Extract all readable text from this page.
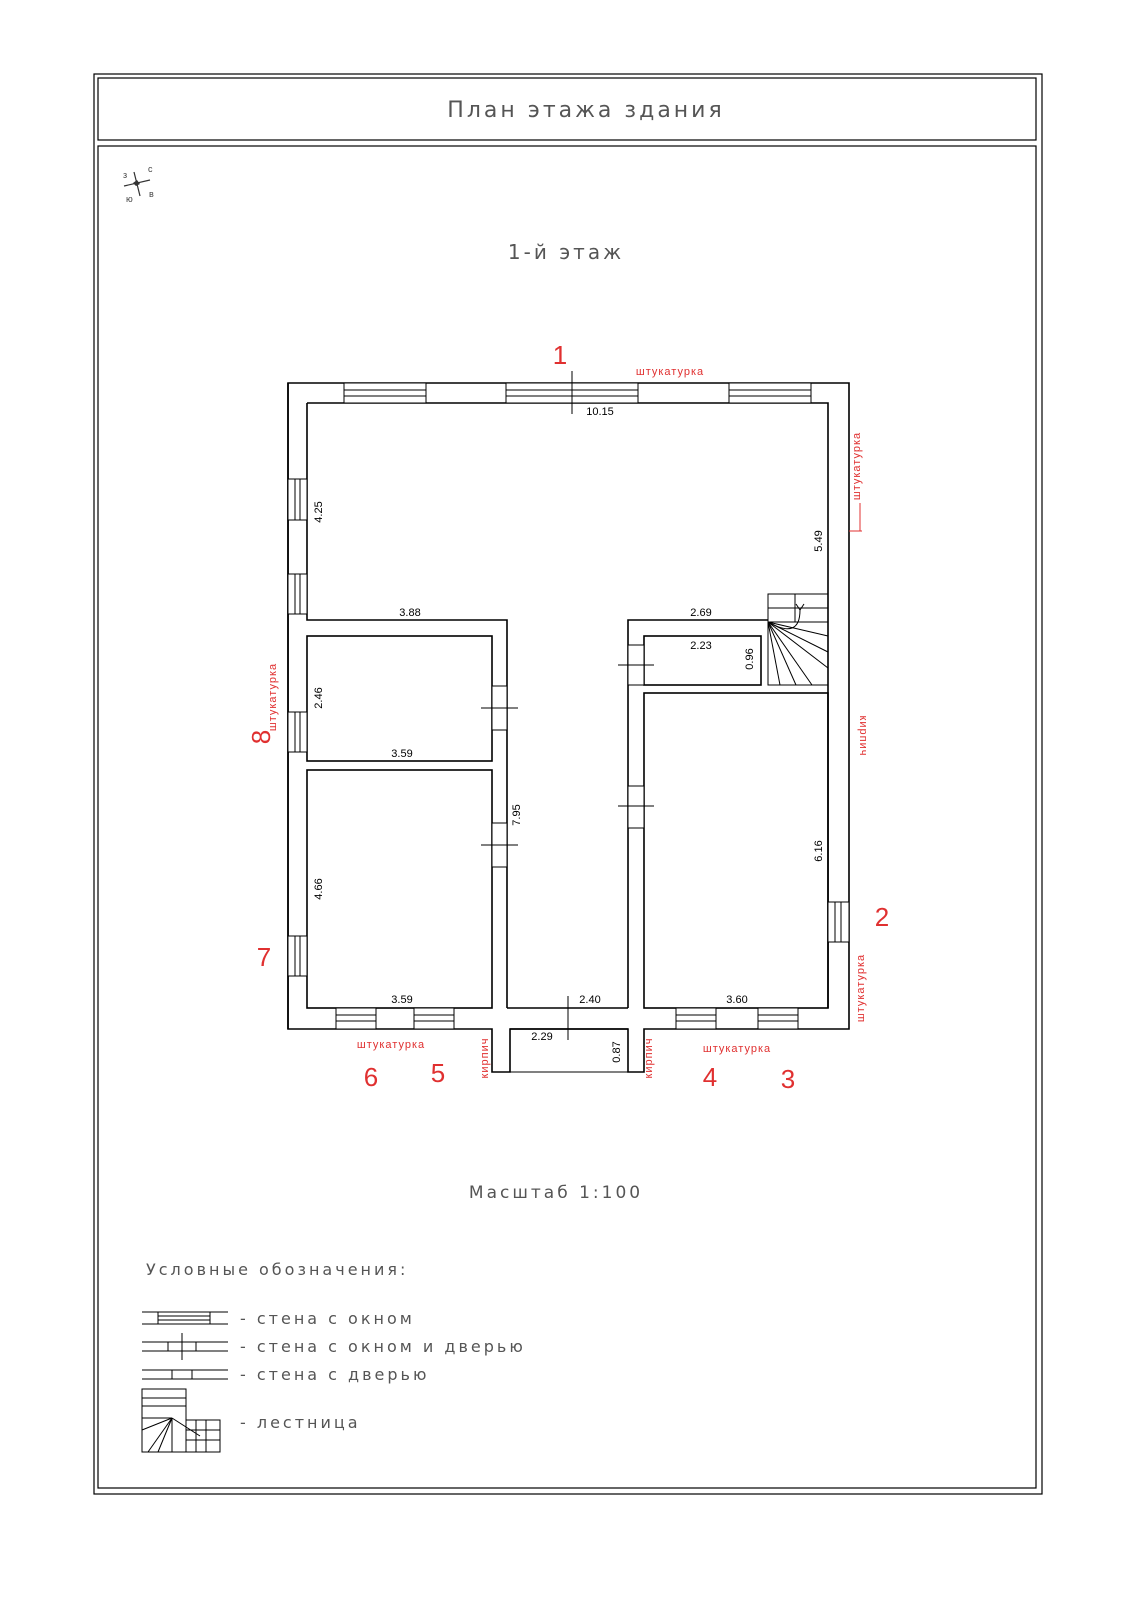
План этажа здания
с
в
ю
з
1-й этаж
10.15
4.25
5.49
3.88	2.69
2.23
0.96
2.46
3.59
7.95
4.66
3.59
6.16
3.60
2.40
2.29
0.87
штукатурка
штукатурка
кирпич
штукатурка
штукатурка
штукатурка	кирпич	кирпич	штукатурка
1
2
3
4
5
6
7
8
Масштаб 1:100
Условные обозначения:
- стена с окном
- стена с окном и дверью
- стена с дверью
- лестница
